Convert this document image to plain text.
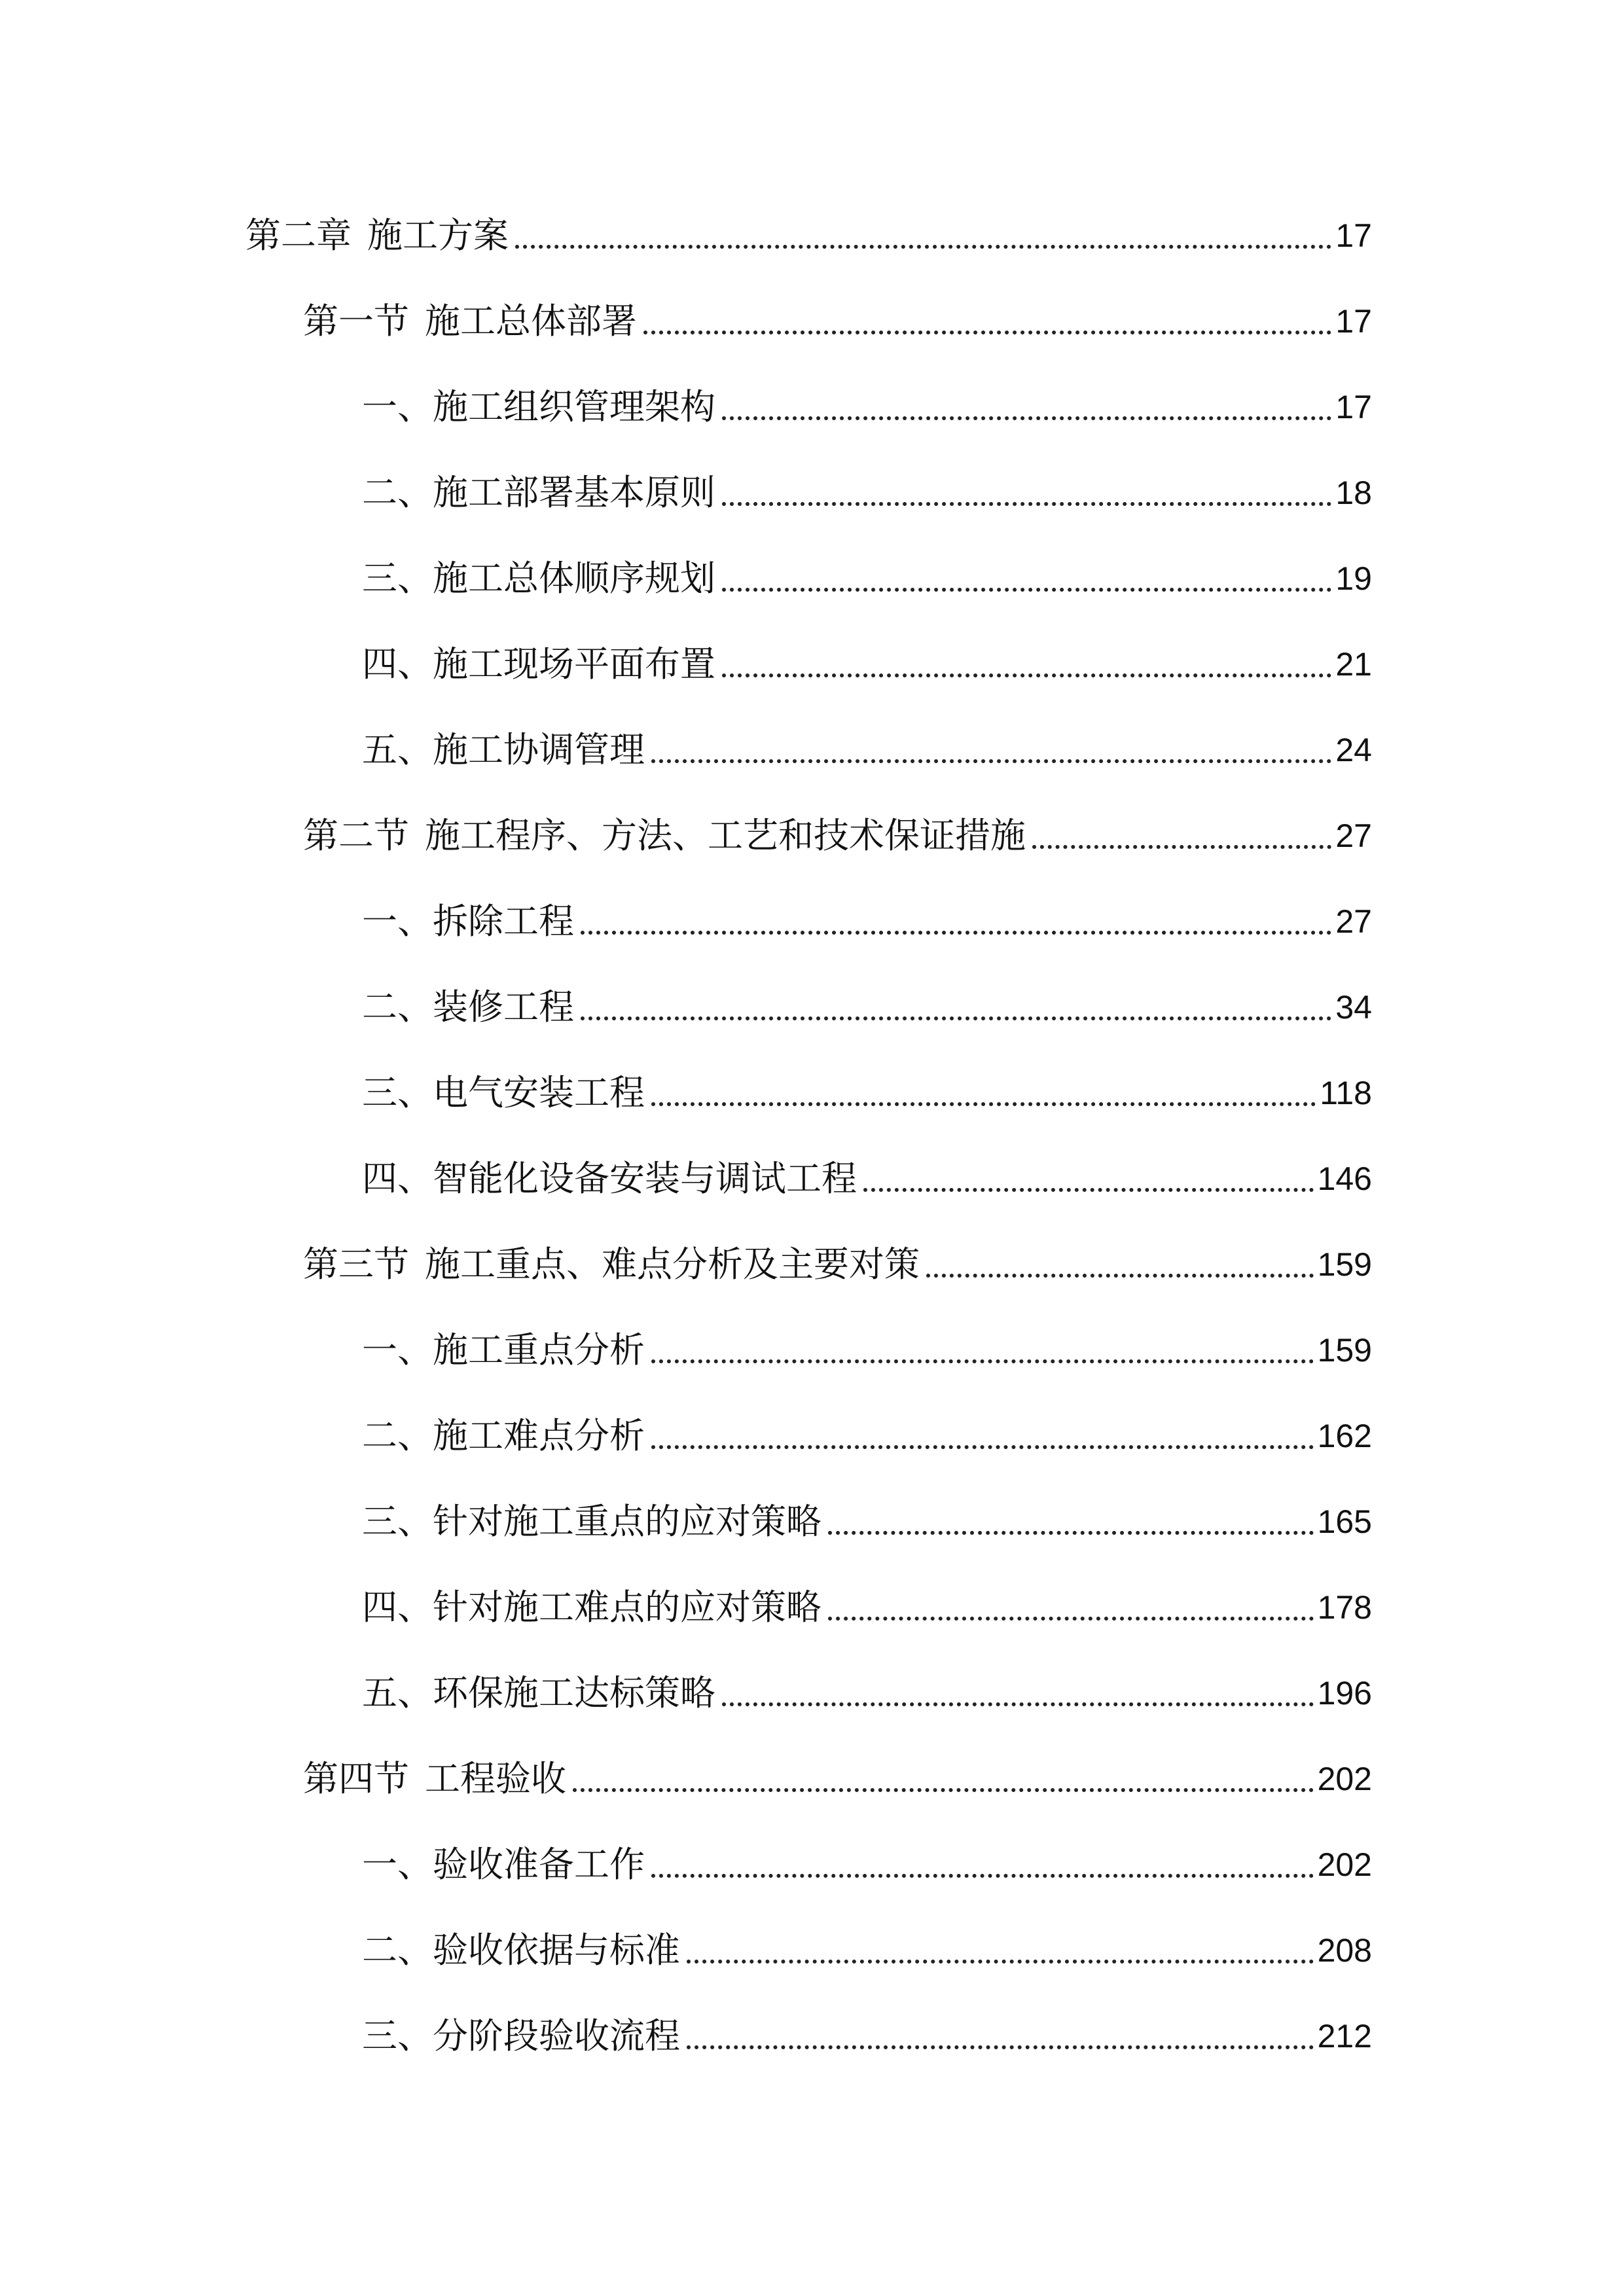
第二章 施工方案	17
第一节 施工总体部署	17
一、施工组织管理架构	17
二、施工部署基本原则	18
三、施工总体顺序规划	19
四、施工现场平面布置	21
五、施工协调管理	24
第二节 施工程序、方法、工艺和技术保证措施	27
一、拆除工程	27
二、装修工程	34
三、电气安装工程	118
四、智能化设备安装与调试工程	146
第三节 施工重点、难点分析及主要对策	159
一、施工重点分析	159
二、施工难点分析	162
三、针对施工重点的应对策略	165
四、针对施工难点的应对策略	178
五、环保施工达标策略	196
第四节 工程验收	202
一、验收准备工作	202
二、验收依据与标准	208
三、分阶段验收流程	212
